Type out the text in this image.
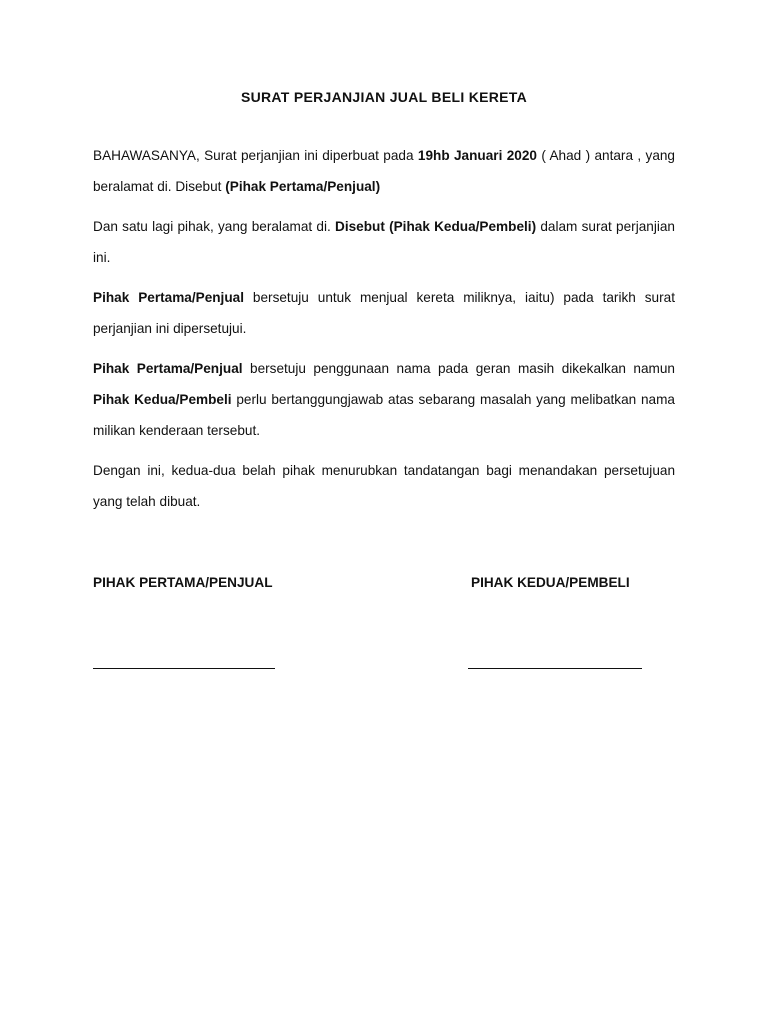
SURAT PERJANJIAN JUAL BELI KERETA

BAHAWASANYA, Surat perjanjian ini diperbuat pada 19hb Januari 2020 ( Ahad ) antara , yang beralamat di. Disebut (Pihak Pertama/Penjual)

Dan satu lagi pihak, yang beralamat di. Disebut (Pihak Kedua/Pembeli) dalam surat perjanjian ini.

Pihak Pertama/Penjual bersetuju untuk menjual kereta miliknya, iaitu) pada tarikh surat perjanjian ini dipersetujui.

Pihak Pertama/Penjual bersetuju penggunaan nama pada geran masih dikekalkan namun Pihak Kedua/Pembeli perlu bertanggungjawab atas sebarang masalah yang melibatkan nama milikan kenderaan tersebut.

Dengan ini, kedua-dua belah pihak menurubkan tandatangan bagi menandakan persetujuan yang telah dibuat.

PIHAK PERTAMA/PENJUAL	PIHAK KEDUA/PEMBELI
